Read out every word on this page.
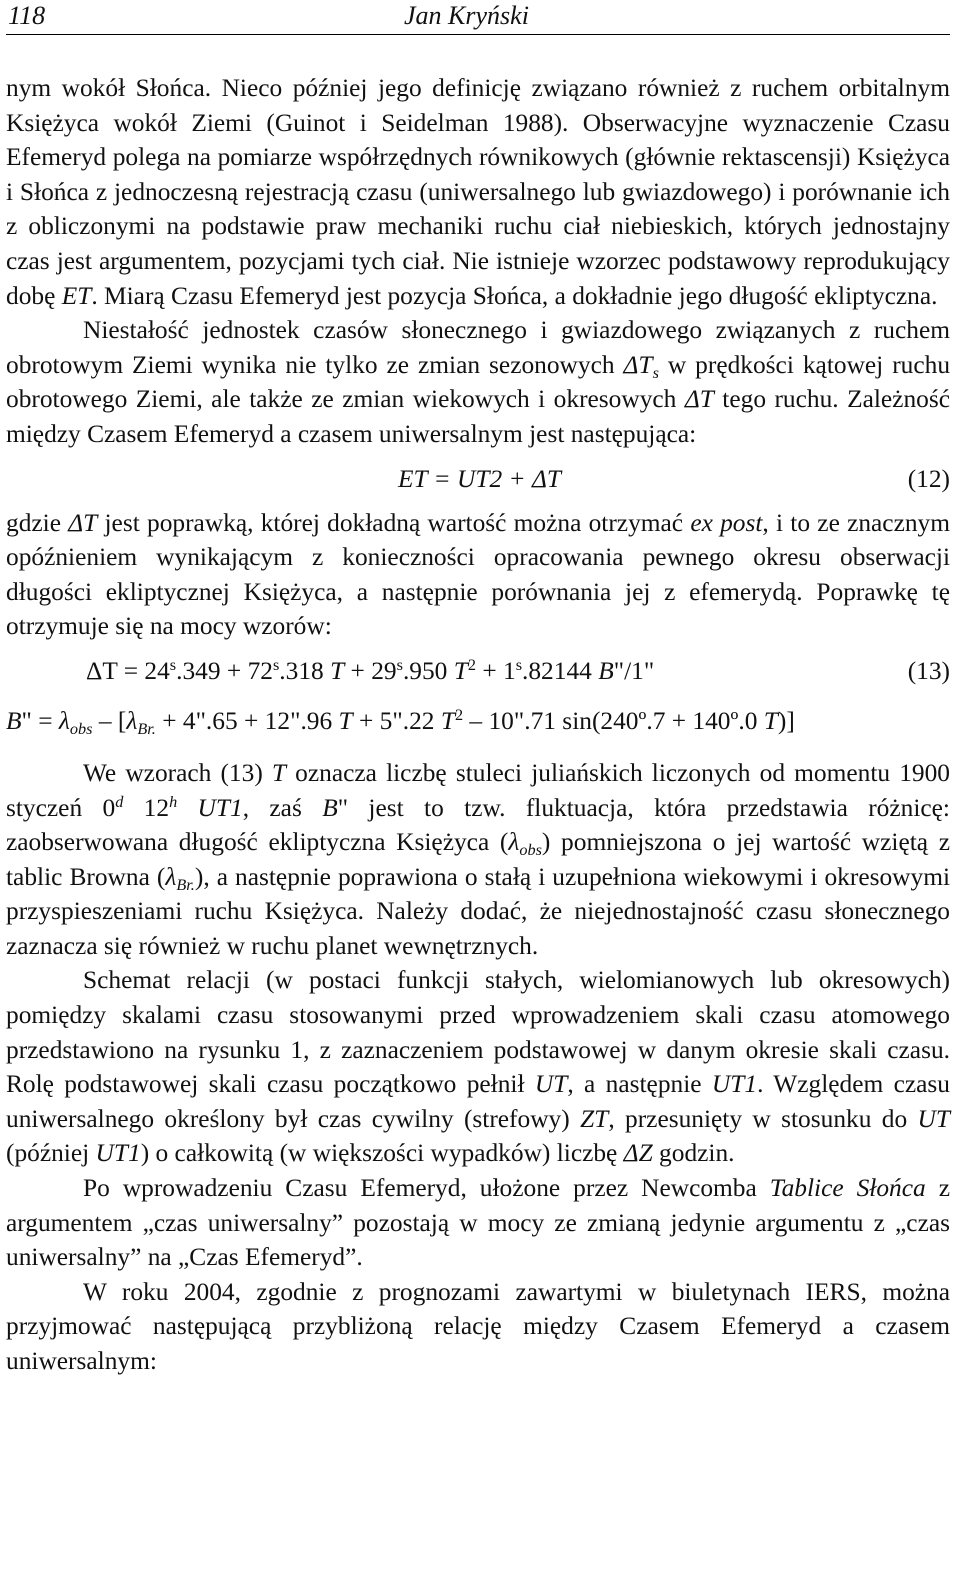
118	Jan Kryński

nym wokół Słońca. Nieco później jego definicję związano również z ruchem orbitalnym Księżyca wokół Ziemi (Guinot i Seidelman 1988). Obserwacyjne wyznaczenie Czasu Efemeryd polega na pomiarze współrzędnych równikowych (głównie rektascensji) Księżyca i Słońca z jednoczesną rejestracją czasu (uniwersalnego lub gwiazdowego) i porównanie ich z obliczonymi na podstawie praw mechaniki ruchu ciał niebieskich, których jednostajny czas jest argumentem, pozycjami tych ciał. Nie istnieje wzorzec podstawowy reprodukujący dobę ET. Miarą Czasu Efemeryd jest pozycja Słońca, a dokładnie jego długość ekliptyczna.

Niestałość jednostek czasów słonecznego i gwiazdowego związanych z ruchem obrotowym Ziemi wynika nie tylko ze zmian sezonowych $\Delta T_s$ w prędkości kątowej ruchu obrotowego Ziemi, ale także ze zmian wiekowych i okresowych ΔT tego ruchu. Zależność między Czasem Efemeryd a czasem uniwersalnym jest następująca:

ET = UT2 + ΔT	(12)

gdzie ΔT jest poprawką, której dokładną wartość można otrzymać ex post, i to ze znacznym opóźnieniem wynikającym z konieczności opracowania pewnego okresu obserwacji długości ekliptycznej Księżyca, a następnie porównania jej z efemerydą. Poprawkę tę otrzymuje się na mocy wzorów:

$\Delta T = 24^s.349 + 72^s.318$ $T + 29^s.950$ $T^2 + 1^s.82144$ B"/1"	(13)
B" = $\lambda_{obs} - [\lambda_{Br.}$ + 4".65 + 12".96 T + 5".22 $T^2$ – 10".71 sin(240º.7 + 140º.0 T)]

We wzorach (13) T oznacza liczbę stuleci juliańskich liczonych od momentu 1900 styczeń 0$^d$ 12$^h$ UT1, zaś B" jest to tzw. fluktuacja, która przedstawia różnicę: zaobserwowana długość ekliptyczna Księżyca $(\lambda_{obs})$ pomniejszona o jej wartość wziętą z tablic Browna $(\lambda_{Br.})$, a następnie poprawiona o stałą i uzupełniona wiekowymi i okresowymi przyspieszeniami ruchu Księżyca. Należy dodać, że niejednostajność czasu słonecznego zaznacza się również w ruchu planet wewnętrznych.

Schemat relacji (w postaci funkcji stałych, wielomianowych lub okresowych) pomiędzy skalami czasu stosowanymi przed wprowadzeniem skali czasu atomowego przedstawiono na rysunku 1, z zaznaczeniem podstawowej w danym okresie skali czasu. Rolę podstawowej skali czasu początkowo pełnił UT, a następnie UT1. Względem czasu uniwersalnego określony był czas cywilny (strefowy) ZT, przesunięty w stosunku do UT (później UT1) o całkowitą (w większości wypadków) liczbę ΔZ godzin.

Po wprowadzeniu Czasu Efemeryd, ułożone przez Newcomba Tablice Słońca z argumentem „czas uniwersalny” pozostają w mocy ze zmianą jedynie argumentu z „czas uniwersalny” na „Czas Efemeryd”.

W roku 2004, zgodnie z prognozami zawartymi w biuletynach IERS, można przyjmować następującą przybliżoną relację między Czasem Efemeryd a czasem uniwersalnym:
